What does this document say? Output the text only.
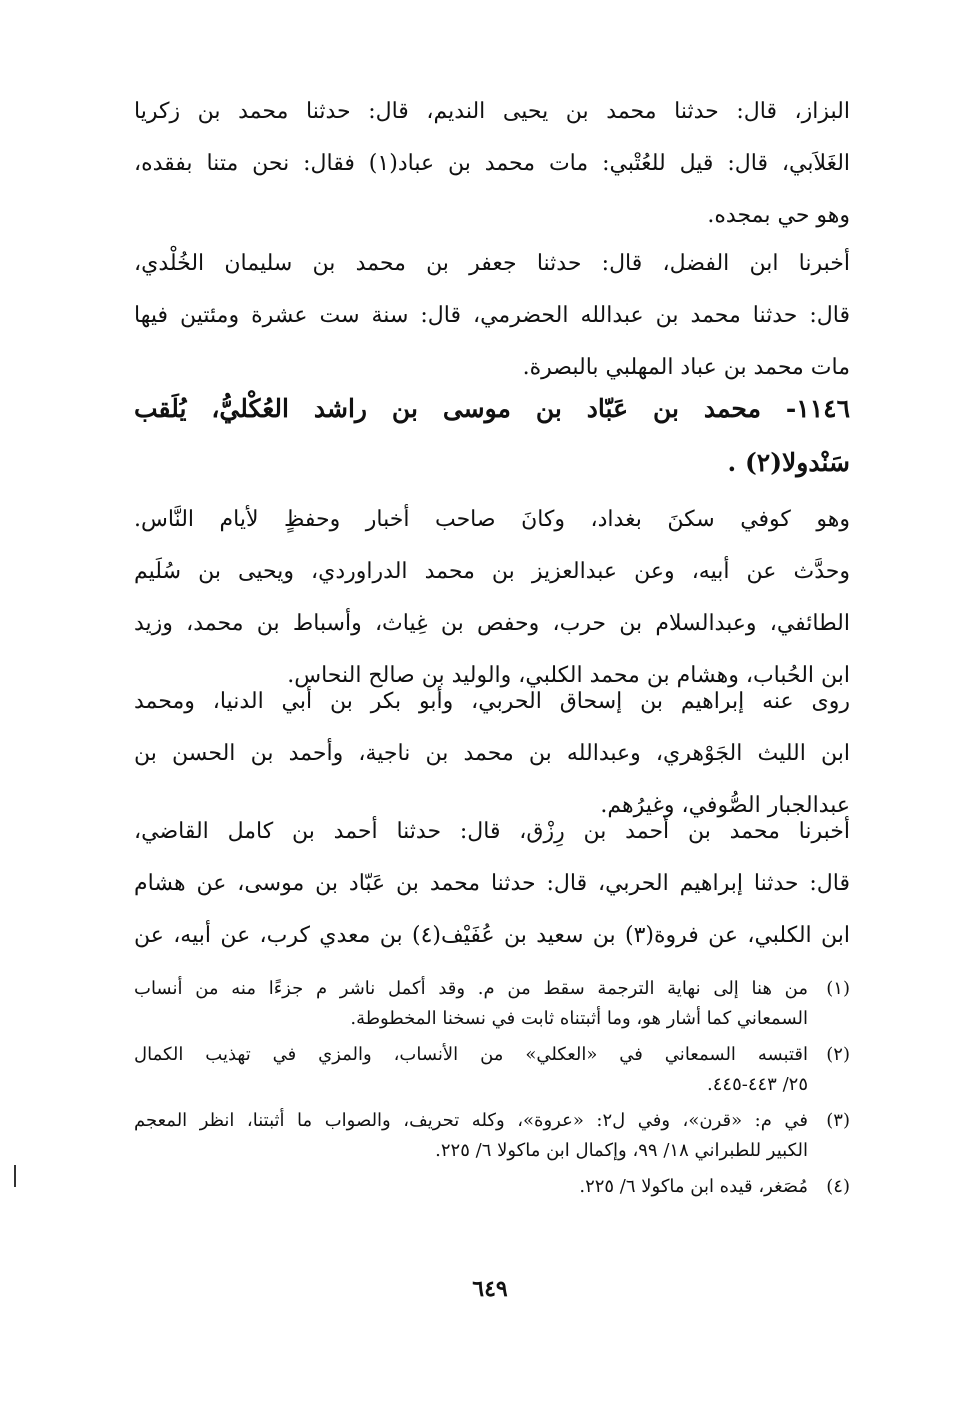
البزاز، قال: حدثنا محمد بن يحيى النديم، قال: حدثنا محمد بن زكريا
الغَلاَبي، قال: قيل للعُتْبي: مات محمد بن عباد(١) فقال: نحن متنا بفقده،
وهو حي بمجده.
أخبرنا ابن الفضل، قال: حدثنا جعفر بن محمد بن سليمان الخُلْدي،
قال: حدثنا محمد بن عبدالله الحضرمي، قال: سنة ست عشرة ومئتين فيها
مات محمد بن عباد المهلبي بالبصرة.
١١٤٦- محمد بن عَبّاد بن موسى بن راشد العُكْليُّ، يُلَقب
سَنْدولا(٢) .
وهو كوفي سكنَ بغداد، وكانَ صاحب أخبار وحفظٍ لأيام النَّاس.
وحدَّث عن أبيه، وعن عبدالعزيز بن محمد الدراوردي، ويحيى بن سُلَيم
الطائفي، وعبدالسلام بن حرب، وحفص بن غِياث، وأسباط بن محمد، وزيد
ابن الحُباب، وهشام بن محمد الكلبي، والوليد بن صالح النحاس.
روى عنه إبراهيم بن إسحاق الحربي، وأبو بكر بن أبي الدنيا، ومحمد
ابن الليث الجَوْهري، وعبدالله بن محمد بن ناجية، وأحمد بن الحسن بن
عبدالجبار الصُّوفي، وغيرُهم.
أخبرنا محمد بن أحمد بن رِزْق، قال: حدثنا أحمد بن كامل القاضي،
قال: حدثنا إبراهيم الحربي، قال: حدثنا محمد بن عَبّاد بن موسى، عن هشام
ابن الكلبي، عن فروة(٣) بن سعيد بن عُفَيْف(٤) بن معدي كرب، عن أبيه، عن
(١)
من هنا إلى نهاية الترجمة سقط من م. وقد أكمل ناشر م جزءًا منه من أنساب
السمعاني كما أشار هو، وما أثبتناه ثابت في نسخنا المخطوطة.
(٢)
اقتبسه السمعاني في «العكلي» من الأنساب، والمزي في تهذيب الكمال
٢٥/ ٤٤٣-٤٤٥.
(٣)
في م: «قرن»، وفي ل٢: «عروة»، وكله تحريف، والصواب ما أثبتنا، انظر المعجم
الكبير للطبراني ١٨/ ٩٩، وإكمال ابن ماكولا ٦/ ٢٢٥.
(٤)
مُصَغر، قيده ابن ماكولا ٦/ ٢٢٥.
٦٤٩
